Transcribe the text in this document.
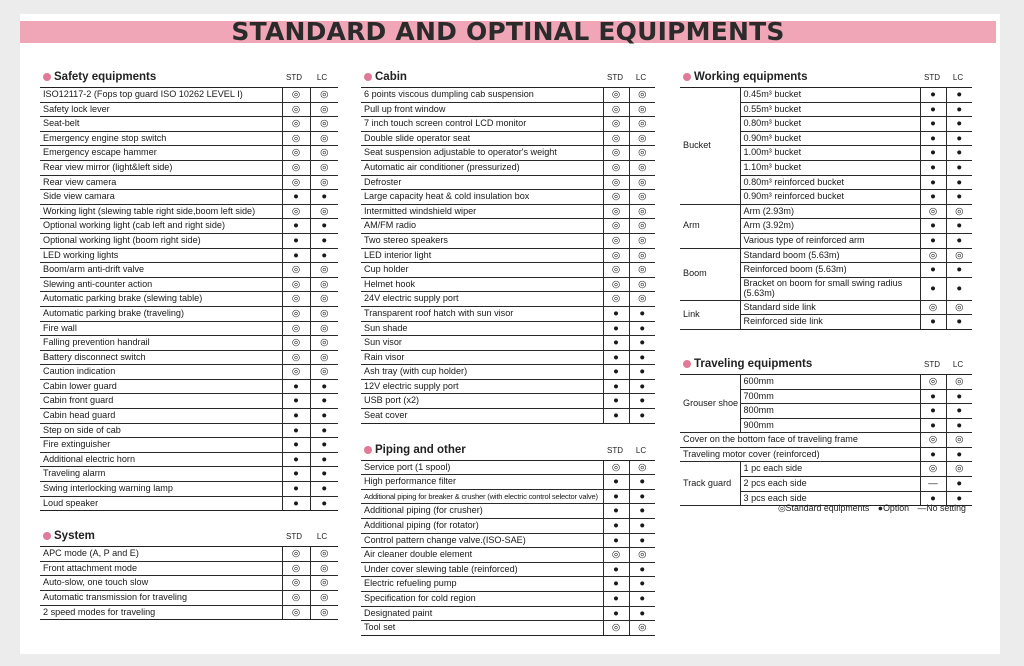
STANDARD AND OPTINAL EQUIPMENTS
Safety equipments	STD	LC
ISO12117-2 (Fops top guard ISO 10262 LEVEL Ⅰ)	◎	◎
Safety lock lever	◎	◎
Seat-belt	◎	◎
Emergency engine stop switch	◎	◎
Emergency escape hammer	◎	◎
Rear view mirror (light&left side)	◎	◎
Rear view camera	◎	◎
Side view camara	●	●
Working light (slewing table right side,boom left side)	◎	◎
Optional working light (cab left and right side)	●	●
Optional working light (boom right side)	●	●
LED working lights	●	●
Boom/arm anti-drift valve	◎	◎
Slewing anti-counter action	◎	◎
Automatic parking brake (slewing table)	◎	◎
Automatic parking brake (traveling)	◎	◎
Fire wall	◎	◎
Falling prevention handrail	◎	◎
Battery disconnect switch	◎	◎
Caution indication	◎	◎
Cabin lower guard	●	●
Cabin front guard	●	●
Cabin head guard	●	●
Step on side of cab	●	●
Fire extinguisher	●	●
Additional electric horn	●	●
Traveling alarm	●	●
Swing interlocking warning lamp	●	●
Loud speaker	●	●
System	STD	LC
APC mode (A, P and E)	◎	◎
Front attachment mode	◎	◎
Auto-slow, one touch slow	◎	◎
Automatic transmission for traveling	◎	◎
2 speed modes for traveling	◎	◎
Cabin	STD	LC
6 points viscous dumpling cab suspension	◎	◎
Pull up front window	◎	◎
7 inch touch screen control LCD monitor	◎	◎
Double slide operator seat	◎	◎
Seat suspension adjustable to operator's weight	◎	◎
Automatic air conditioner (pressurized)	◎	◎
Defroster	◎	◎
Large capacity heat & cold insulation box	◎	◎
Intermitted windshield wiper	◎	◎
AM/FM radio	◎	◎
Two stereo speakers	◎	◎
LED interior light	◎	◎
Cup holder	◎	◎
Helmet hook	◎	◎
24V electric supply port	◎	◎
Transparent roof hatch with sun visor	●	●
Sun shade	●	●
Sun visor	●	●
Rain visor	●	●
Ash tray (with cup holder)	●	●
12V electric supply port	●	●
USB port (x2)	●	●
Seat cover	●	●
Piping and other	STD	LC
Service port (1 spool)	◎	◎
High performance filter	●	●
Additional piping for breaker & crusher (with electric control selector valve)	●	●
Additional piping (for crusher)	●	●
Additional piping (for rotator)	●	●
Control pattern change valve.(ISO-SAE)	●	●
Air cleaner double element	◎	◎
Under cover slewing table (reinforced)	●	●
Electric refueling pump	●	●
Specification for cold region	●	●
Designated paint	●	●
Tool set	◎	◎
Working equipments	STD	LC
Bucket	0.45m³ bucket	●	●
	0.55m³ bucket	●	●
	0.80m³ bucket	●	●
	0.90m³ bucket	●	●
	1.00m³ bucket	●	●
	1.10m³ bucket	●	●
	0.80m³ reinforced bucket	●	●
	0.90m³ reinforced bucket	●	●
Arm	Arm (2.93m)	◎	◎
	Arm (3.92m)	●	●
	Various type of reinforced arm	●	●
Boom	Standard boom (5.63m)	◎	◎
	Reinforced boom (5.63m)	●	●
	Bracket on boom for small swing radius (5.63m)	●	●
Link	Standard side link	◎	◎
	Reinforced side link	●	●
Traveling equipments	STD	LC
Grouser shoe	600mm	◎	◎
	700mm	●	●
	800mm	●	●
	900mm	●	●
Cover on the bottom face of traveling frame		◎	◎
Traveling motor cover (reinforced)		●	●
Track guard	1 pc each side	◎	◎
	2 pcs each side	—	●
	3 pcs each side	●	●
◎Standard equipments ●Option —No setting
